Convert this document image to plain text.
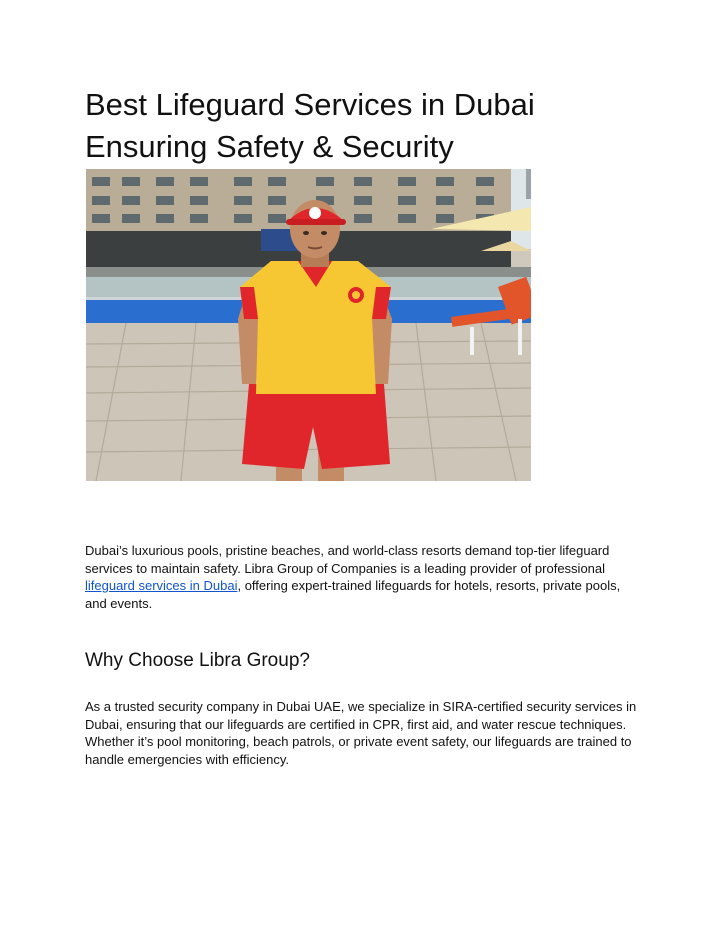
Best Lifeguard Services in Dubai
Ensuring Safety & Security

Dubai’s luxurious pools, pristine beaches, and world-class resorts demand top-tier lifeguard services to maintain safety. Libra Group of Companies is a leading provider of professional lifeguard services in Dubai, offering expert-trained lifeguards for hotels, resorts, private pools, and events.

Why Choose Libra Group?

As a trusted security company in Dubai UAE, we specialize in SIRA-certified security services in Dubai, ensuring that our lifeguards are certified in CPR, first aid, and water rescue techniques. Whether it’s pool monitoring, beach patrols, or private event safety, our lifeguards are trained to handle emergencies with efficiency.
